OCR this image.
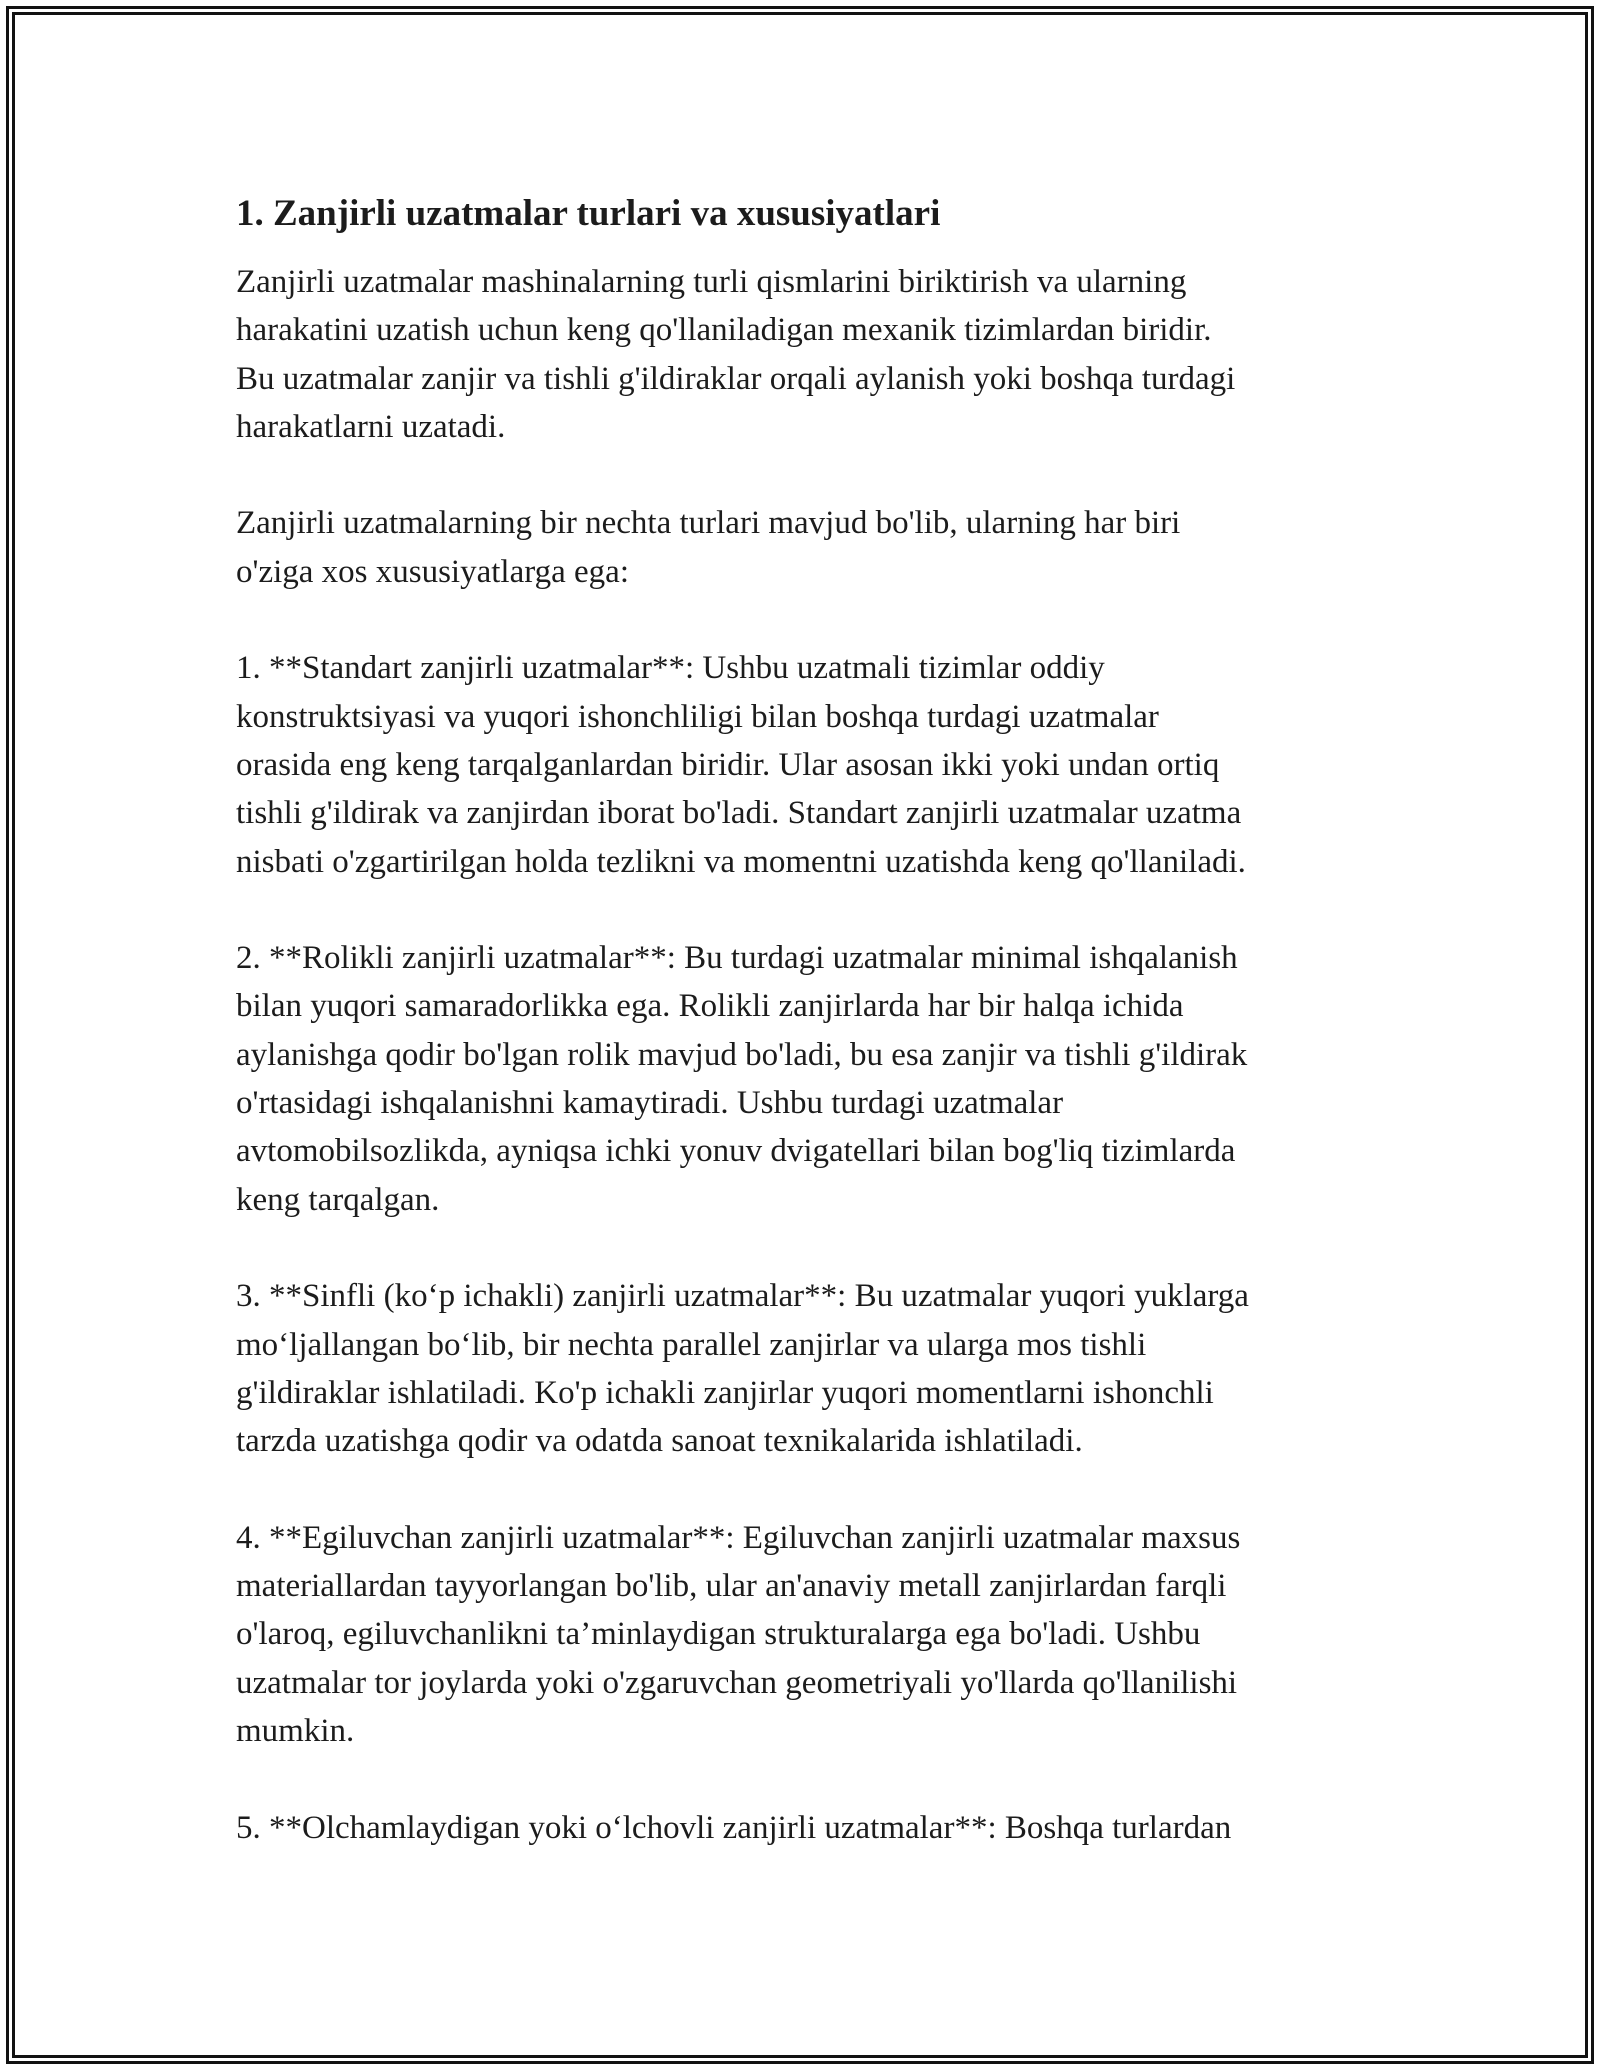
1. Zanjirli uzatmalar turlari va xususiyatlari

Zanjirli uzatmalar mashinalarning turli qismlarini biriktirish va ularning
harakatini uzatish uchun keng qo'llaniladigan mexanik tizimlardan biridir.
Bu uzatmalar zanjir va tishli g'ildiraklar orqali aylanish yoki boshqa turdagi
harakatlarni uzatadi.

Zanjirli uzatmalarning bir nechta turlari mavjud bo'lib, ularning har biri
o'ziga xos xususiyatlarga ega:

1. **Standart zanjirli uzatmalar**: Ushbu uzatmali tizimlar oddiy
konstruktsiyasi va yuqori ishonchliligi bilan boshqa turdagi uzatmalar
orasida eng keng tarqalganlardan biridir. Ular asosan ikki yoki undan ortiq
tishli g'ildirak va zanjirdan iborat bo'ladi. Standart zanjirli uzatmalar uzatma
nisbati o'zgartirilgan holda tezlikni va momentni uzatishda keng qo'llaniladi.

2. **Rolikli zanjirli uzatmalar**: Bu turdagi uzatmalar minimal ishqalanish
bilan yuqori samaradorlikka ega. Rolikli zanjirlarda har bir halqa ichida
aylanishga qodir bo'lgan rolik mavjud bo'ladi, bu esa zanjir va tishli g'ildirak
o'rtasidagi ishqalanishni kamaytiradi. Ushbu turdagi uzatmalar
avtomobilsozlikda, ayniqsa ichki yonuv dvigatellari bilan bog'liq tizimlarda
keng tarqalgan.

3. **Sinfli (ko‘p ichakli) zanjirli uzatmalar**: Bu uzatmalar yuqori yuklarga
mo‘ljallangan bo‘lib, bir nechta parallel zanjirlar va ularga mos tishli
g'ildiraklar ishlatiladi. Ko'p ichakli zanjirlar yuqori momentlarni ishonchli
tarzda uzatishga qodir va odatda sanoat texnikalarida ishlatiladi.

4. **Egiluvchan zanjirli uzatmalar**: Egiluvchan zanjirli uzatmalar maxsus
materiallardan tayyorlangan bo'lib, ular an'anaviy metall zanjirlardan farqli
o'laroq, egiluvchanlikni ta’minlaydigan strukturalarga ega bo'ladi. Ushbu
uzatmalar tor joylarda yoki o'zgaruvchan geometriyali yo'llarda qo'llanilishi
mumkin.

5. **Olchamlaydigan yoki o‘lchovli zanjirli uzatmalar**: Boshqa turlardan
